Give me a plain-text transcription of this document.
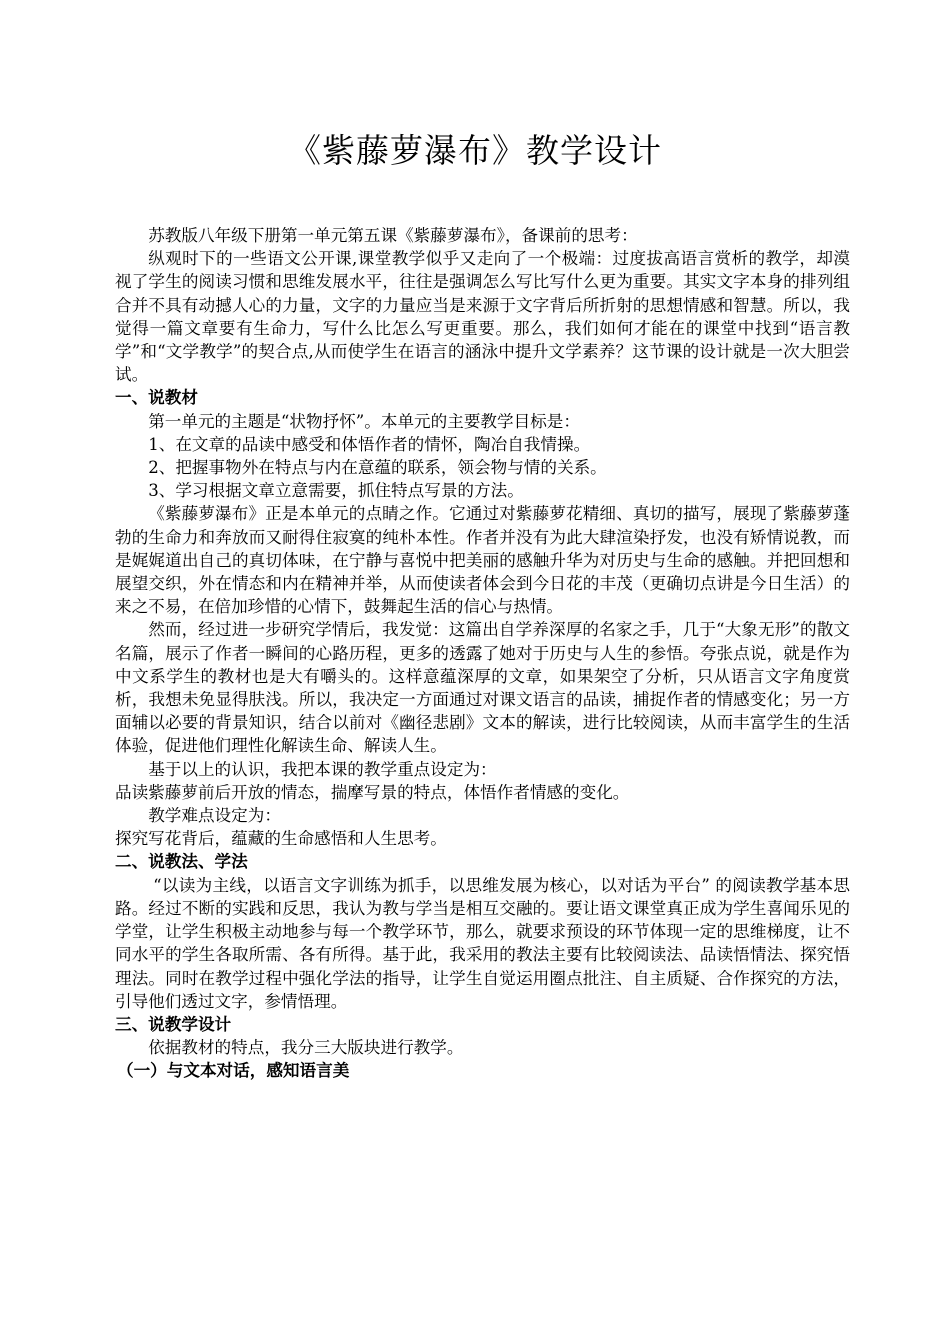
《紫藤萝瀑布》教学设计

苏教版八年级下册第一单元第五课《紫藤萝瀑布》，备课前的思考：

纵观时下的一些语文公开课,课堂教学似乎又走向了一个极端：过度拔高语言赏析的教学，却漠视了学生的阅读习惯和思维发展水平，往往是强调怎么写比写什么更为重要。其实文字本身的排列组合并不具有动撼人心的力量，文字的力量应当是来源于文字背后所折射的思想情感和智慧。所以，我觉得一篇文章要有生命力，写什么比怎么写更重要。那么，我们如何才能在的课堂中找到“语言教学”和“文学教学”的契合点,从而使学生在语言的涵泳中提升文学素养？这节课的设计就是一次大胆尝试。

一、说教材

第一单元的主题是“状物抒怀”。本单元的主要教学目标是：

1、在文章的品读中感受和体悟作者的情怀，陶冶自我情操。

2、把握事物外在特点与内在意蕴的联系，领会物与情的关系。

3、学习根据文章立意需要，抓住特点写景的方法。

《紫藤萝瀑布》正是本单元的点睛之作。它通过对紫藤萝花精细、真切的描写，展现了紫藤萝蓬勃的生命力和奔放而又耐得住寂寞的纯朴本性。作者并没有为此大肆渲染抒发，也没有矫情说教，而是娓娓道出自己的真切体味，在宁静与喜悦中把美丽的感触升华为对历史与生命的感触。并把回想和展望交织，外在情态和内在精神并举，从而使读者体会到今日花的丰茂（更确切点讲是今日生活）的来之不易，在倍加珍惜的心情下，鼓舞起生活的信心与热情。

然而，经过进一步研究学情后，我发觉：这篇出自学养深厚的名家之手，几于“大象无形”的散文名篇，展示了作者一瞬间的心路历程，更多的透露了她对于历史与人生的参悟。夸张点说，就是作为中文系学生的教材也是大有嚼头的。这样意蕴深厚的文章，如果架空了分析，只从语言文字角度赏析，我想未免显得肤浅。所以，我决定一方面通过对课文语言的品读，捕捉作者的情感变化；另一方面辅以必要的背景知识，结合以前对《幽径悲剧》文本的解读，进行比较阅读，从而丰富学生的生活体验，促进他们理性化解读生命、解读人生。

基于以上的认识，我把本课的教学重点设定为：

品读紫藤萝前后开放的情态，揣摩写景的特点，体悟作者情感的变化。

教学难点设定为：

探究写花背后，蕴藏的生命感悟和人生思考。

二、说教法、学法

“以读为主线，以语言文字训练为抓手，以思维发展为核心，以对话为平台” 的阅读教学基本思路。经过不断的实践和反思，我认为教与学当是相互交融的。要让语文课堂真正成为学生喜闻乐见的学堂，让学生积极主动地参与每一个教学环节，那么，就要求预设的环节体现一定的思维梯度，让不同水平的学生各取所需、各有所得。基于此，我采用的教法主要有比较阅读法、品读悟情法、探究悟理法。同时在教学过程中强化学法的指导，让学生自觉运用圈点批注、自主质疑、合作探究的方法，引导他们透过文字，参情悟理。

三、说教学设计

依据教材的特点，我分三大版块进行教学。

（一）与文本对话，感知语言美
